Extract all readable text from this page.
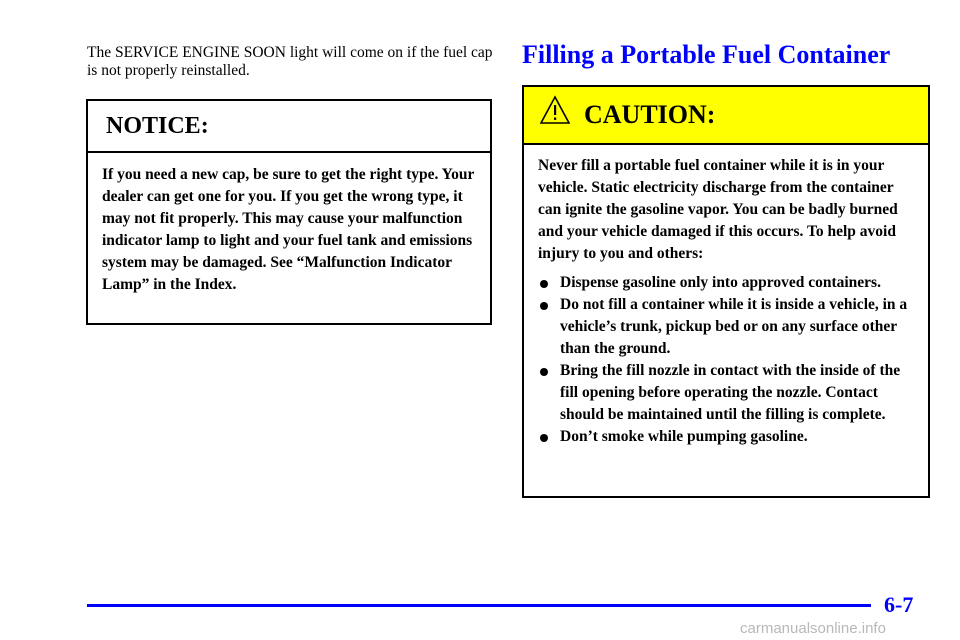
The SERVICE ENGINE SOON light will come on if the fuel cap is not properly reinstalled.

NOTICE:
If you need a new cap, be sure to get the right type. Your dealer can get one for you. If you get the wrong type, it may not fit properly. This may cause your malfunction indicator lamp to light and your fuel tank and emissions system may be damaged. See “Malfunction Indicator Lamp” in the Index.
Filling a Portable Fuel Container
CAUTION:

Never fill a portable fuel container while it is in your vehicle. Static electricity discharge from the container can ignite the gasoline vapor. You can be badly burned and your vehicle damaged if this occurs. To help avoid injury to you and others:

Dispense gasoline only into approved containers.
Do not fill a container while it is inside a vehicle, in a vehicle’s trunk, pickup bed or on any surface other than the ground.
Bring the fill nozzle in contact with the inside of the fill opening before operating the nozzle. Contact should be maintained until the filling is complete.
Don’t smoke while pumping gasoline.
6-7
carmanualsonline.info
